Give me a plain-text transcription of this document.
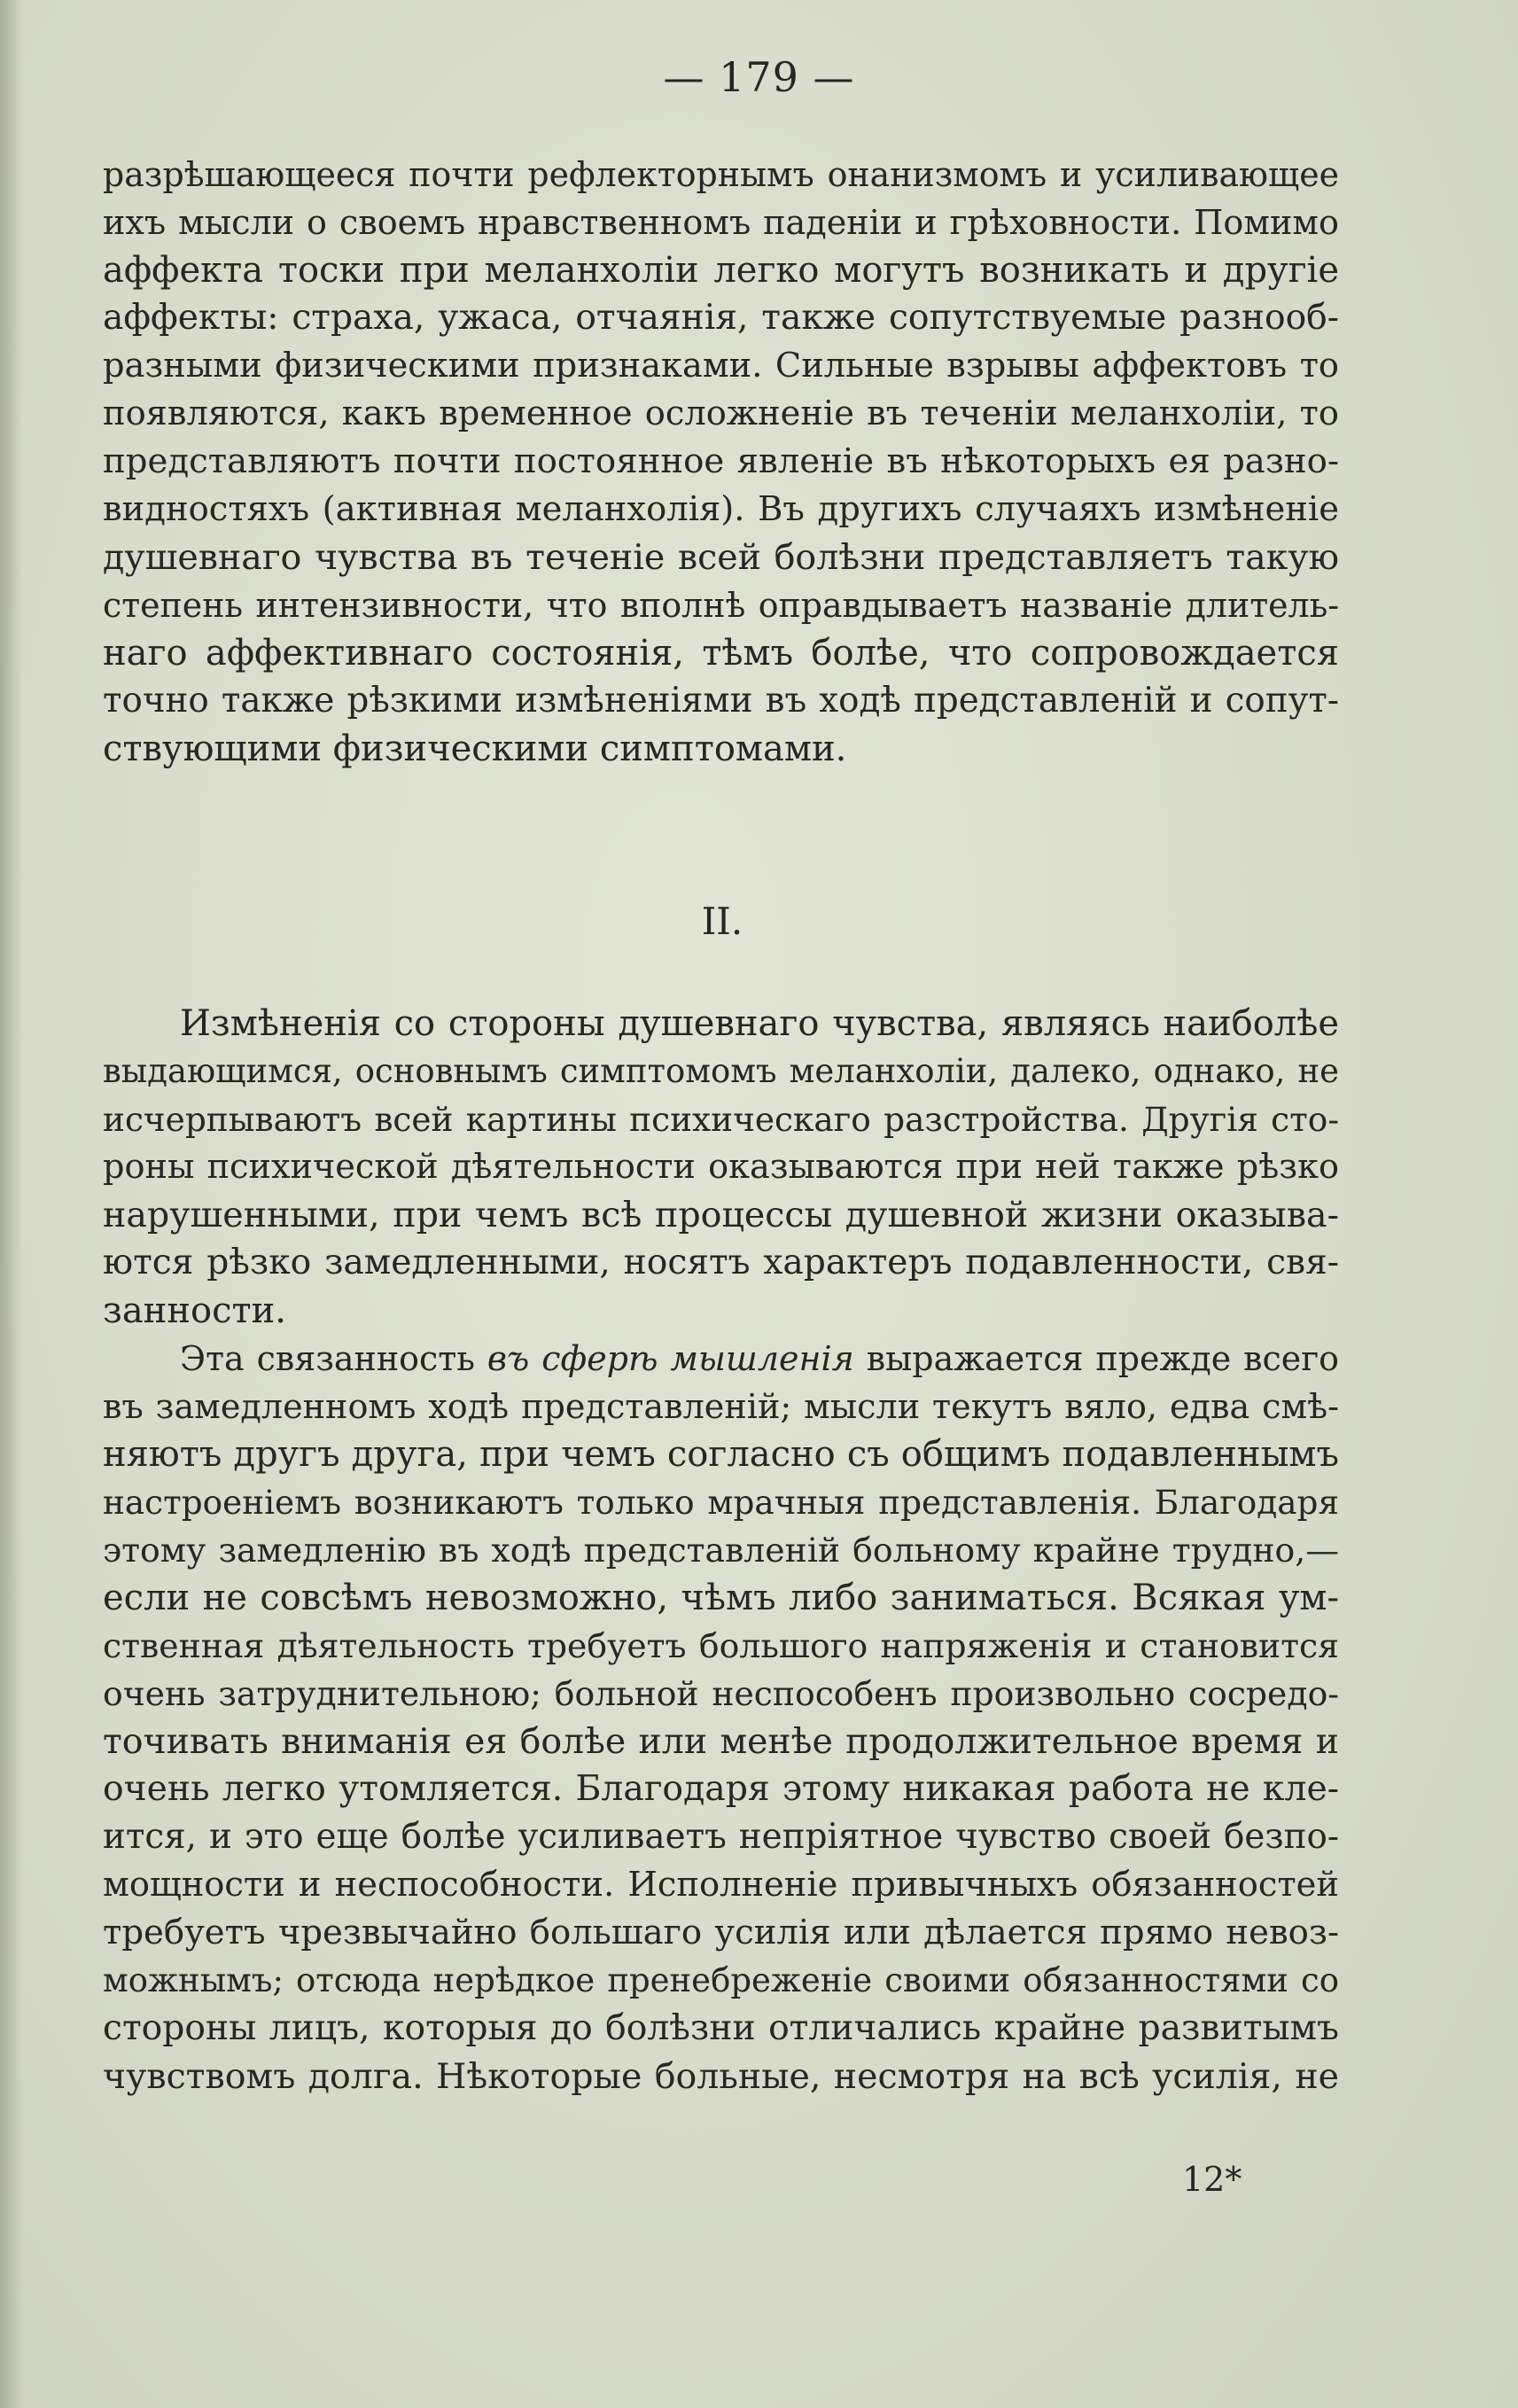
— 179 —
разрѣшающееся почти рефлекторнымъ онанизмомъ и усиливающее
ихъ мысли о своемъ нравственномъ паденіи и грѣховности. Помимо
аффекта тоски при меланхоліи легко могутъ возникать и другіе
аффекты: страха, ужаса, отчаянія, также сопутствуемые разнооб-
разными физическими признаками. Сильные взрывы аффектовъ то
появляются, какъ временное осложненіе въ теченіи меланхоліи, то
представляютъ почти постоянное явленіе въ нѣкоторыхъ ея разно-
видностяхъ (активная меланхолія). Въ другихъ случаяхъ измѣненіе
душевнаго чувства въ теченіе всей болѣзни представляетъ такую
степень интензивности, что вполнѣ оправдываетъ названіе длитель-
наго аффективнаго состоянія, тѣмъ болѣе, что сопровождается
точно также рѣзкими измѣненіями въ ходѣ представленій и сопут-
ствующими физическими симптомами.
II.
Измѣненія со стороны душевнаго чувства, являясь наиболѣе
выдающимся, основнымъ симптомомъ меланхоліи, далеко, однако, не
исчерпываютъ всей картины психическаго разстройства. Другія сто-
роны психической дѣятельности оказываются при ней также рѣзко
нарушенными, при чемъ всѣ процессы душевной жизни оказыва-
ются рѣзко замедленными, носятъ характеръ подавленности, свя-
занности.
Эта связанность въ сферѣ мышленія выражается прежде всего
въ замедленномъ ходѣ представленій; мысли текутъ вяло, едва смѣ-
няютъ другъ друга, при чемъ согласно съ общимъ подавленнымъ
настроеніемъ возникаютъ только мрачныя представленія. Благодаря
этому замедленію въ ходѣ представленій больному крайне трудно,—
если не совсѣмъ невозможно, чѣмъ либо заниматься. Всякая ум-
ственная дѣятельность требуетъ большого напряженія и становится
очень затруднительною; больной неспособенъ произвольно сосредо-
точивать вниманія ея болѣе или менѣе продолжительное время и
очень легко утомляется. Благодаря этому никакая работа не кле-
ится, и это еще болѣе усиливаетъ непріятное чувство своей безпо-
мощности и неспособности. Исполненіе привычныхъ обязанностей
требуетъ чрезвычайно большаго усилія или дѣлается прямо невоз-
можнымъ; отсюда нерѣдкое пренебреженіе своими обязанностями со
стороны лицъ, которыя до болѣзни отличались крайне развитымъ
чувствомъ долга. Нѣкоторые больные, несмотря на всѣ усилія, не
12*
